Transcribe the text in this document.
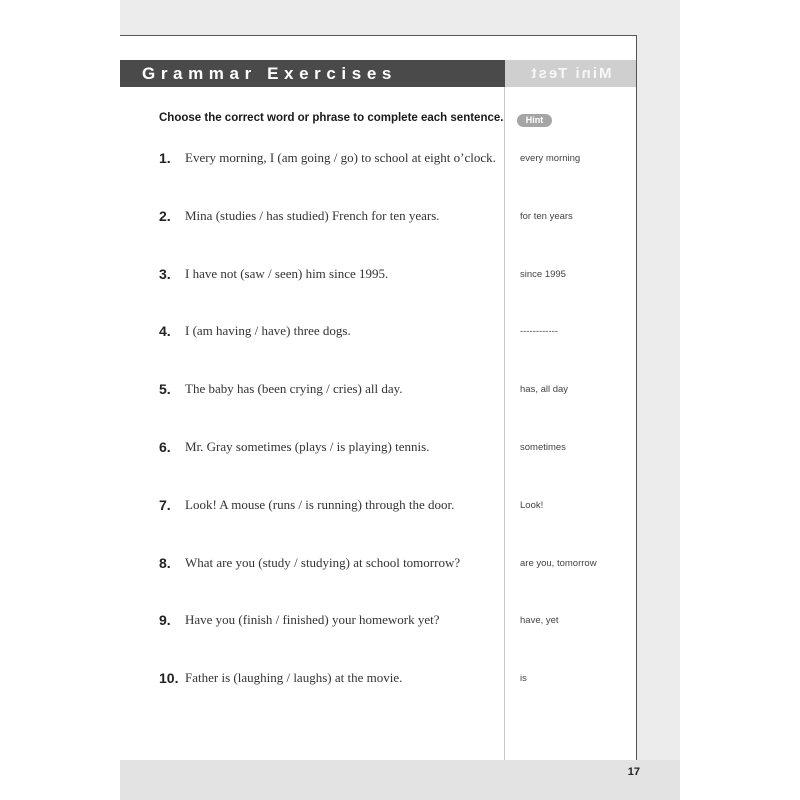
Grammar Exercises	Mini Test
Choose the correct word or phrase to complete each sentence.	Hint
1. Every morning, I (am going / go) to school at eight o’clock.	every morning
2. Mina (studies / has studied) French for ten years.	for ten years
3. I have not (saw / seen) him since 1995.	since 1995
4. I (am having / have) three dogs.	------------
5. The baby has (been crying / cries) all day.	has, all day
6. Mr. Gray sometimes (plays / is playing) tennis.	sometimes
7. Look! A mouse (runs / is running) through the door.	Look!
8. What are you (study / studying) at school tomorrow?	are you, tomorrow
9. Have you (finish / finished) your homework yet?	have, yet
10. Father is (laughing / laughs) at the movie.	is
17
